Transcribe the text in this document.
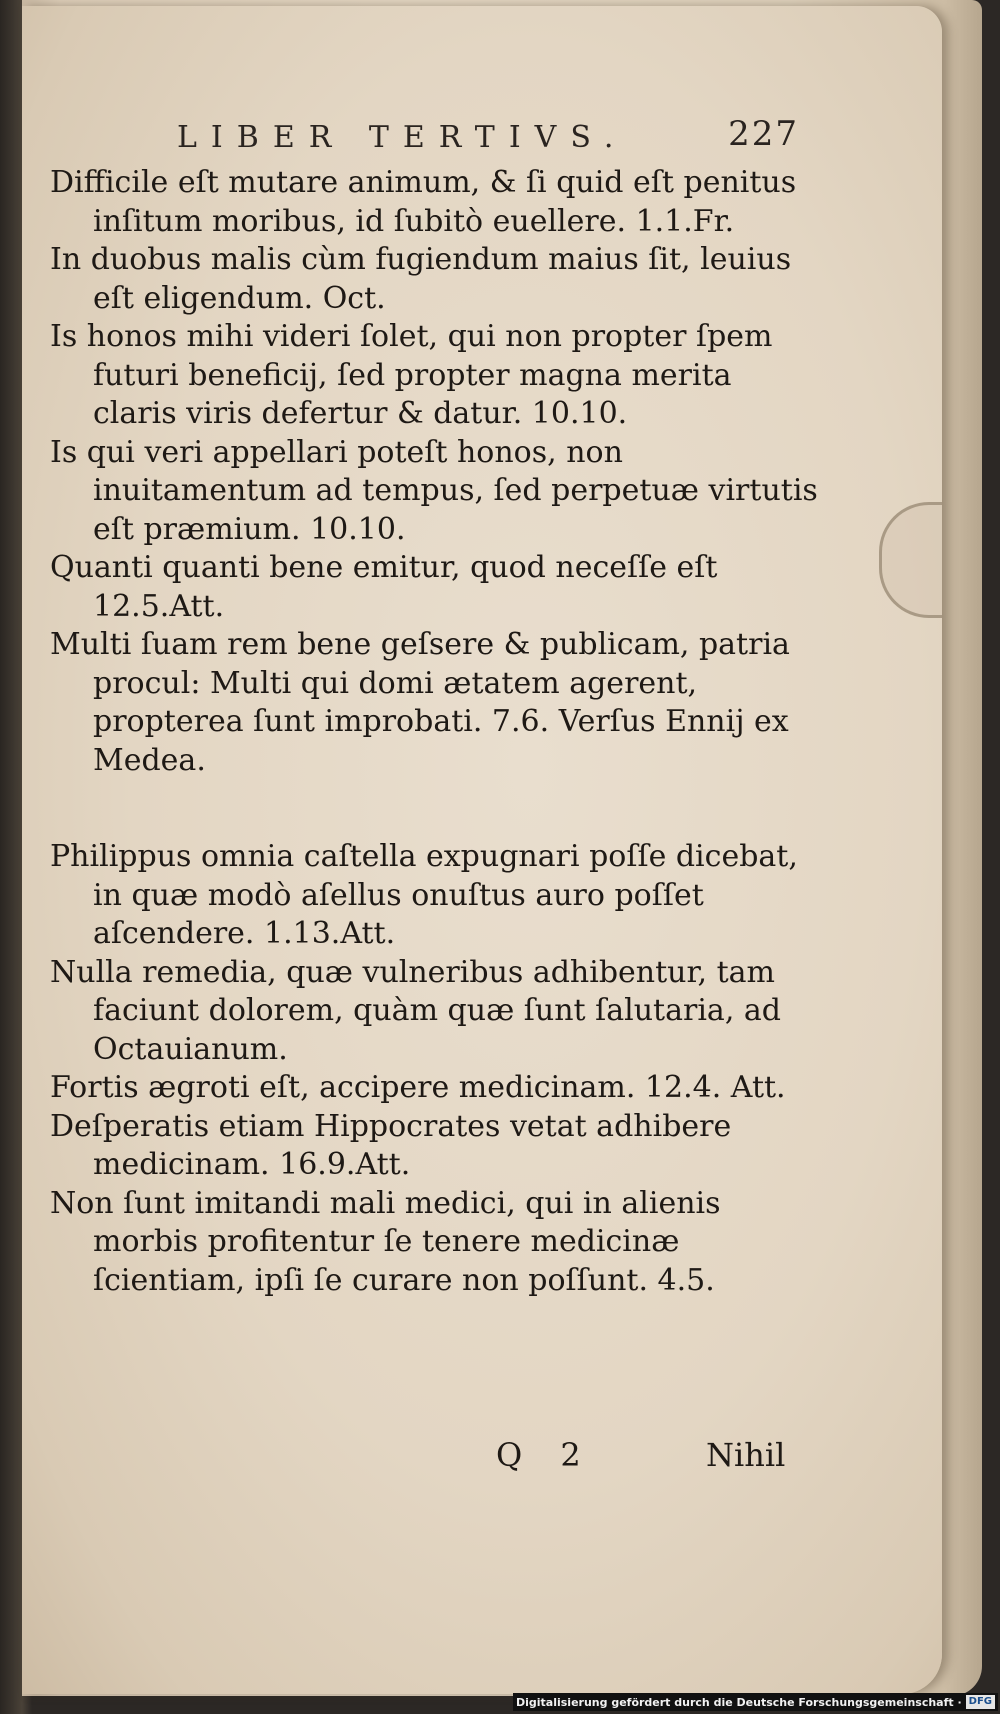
LIBER TERTIVS.	227

Difficile eſt mutare animum, & ſi quid eſt penitus inſitum moribus, id ſubitò euellere. 1.1.Fr.

In duobus malis cùm fugiendum maius ſit, leuius eſt eligendum. Oct.

Is honos mihi videri ſolet, qui non propter ſpem futuri beneficij, ſed propter magna merita claris viris defertur & datur. 10.10.

Is qui veri appellari poteſt honos, non inuitamentum ad tempus, ſed perpetuæ virtutis eſt præmium. 10.10.

Quanti quanti bene emitur, quod neceſſe eſt 12.5.Att.

Multi ſuam rem bene geſsere & publicam, patria procul: Multi qui domi ætatem agerent, propterea ſunt improbati. 7.6. Verſus Ennij ex Medea.

Philippus omnia caſtella expugnari poſſe dicebat, in quæ modò aſellus onuſtus auro poſſet aſcendere. 1.13.Att.

Nulla remedia, quæ vulneribus adhibentur, tam faciunt dolorem, quàm quæ ſunt ſalutaria, ad Octauianum.

Fortis ægroti eſt, accipere medicinam. 12.4. Att.

Deſperatis etiam Hippocrates vetat adhibere medicinam. 16.9.Att.

Non ſunt imitandi mali medici, qui in alienis morbis profitentur ſe tenere medicinæ ſcientiam, ipſi ſe curare non poſſunt. 4.5.

Q 2	Nihil
Digitalisierung gefördert durch die Deutsche Forschungsgemeinschaft · DFG
